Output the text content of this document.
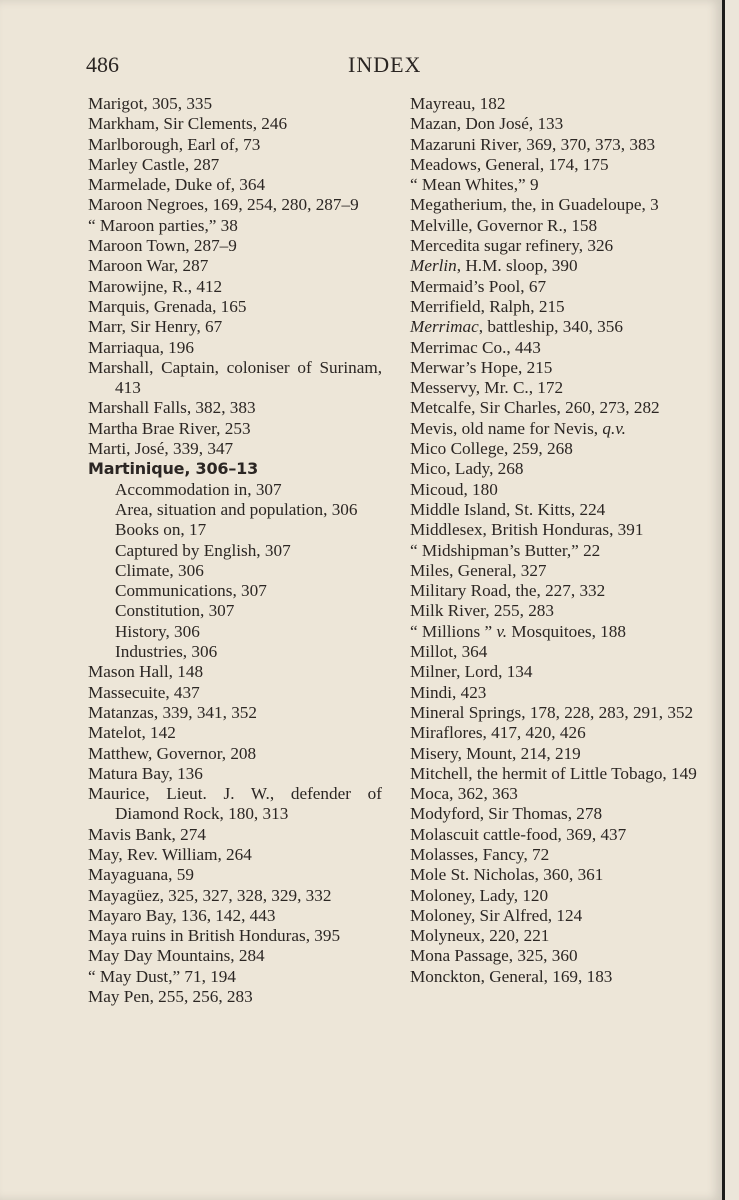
486	INDEX

Marigot, 305, 335

Markham, Sir Clements, 246

Marlborough, Earl of, 73

Marley Castle, 287

Marmelade, Duke of, 364

Maroon Negroes, 169, 254, 280, 287–9

“ Maroon parties,” 38

Maroon Town, 287–9

Maroon War, 287

Marowijne, R., 412

Marquis, Grenada, 165

Marr, Sir Henry, 67

Marriaqua, 196

Marshall, Captain, coloniser of Surinam, 413

Marshall Falls, 382, 383

Martha Brae River, 253

Marti, José, 339, 347

Martinique, 306–13

Accommodation in, 307

Area, situation and population, 306

Books on, 17

Captured by English, 307

Climate, 306

Communications, 307

Constitution, 307

History, 306

Industries, 306

Mason Hall, 148

Massecuite, 437

Matanzas, 339, 341, 352

Matelot, 142

Matthew, Governor, 208

Matura Bay, 136

Maurice, Lieut. J. W., defender of Diamond Rock, 180, 313

Mavis Bank, 274

May, Rev. William, 264

Mayaguana, 59

Mayagüez, 325, 327, 328, 329, 332

Mayaro Bay, 136, 142, 443

Maya ruins in British Honduras, 395

May Day Mountains, 284

“ May Dust,” 71, 194

May Pen, 255, 256, 283

Mayreau, 182

Mazan, Don José, 133

Mazaruni River, 369, 370, 373, 383

Meadows, General, 174, 175

“ Mean Whites,” 9

Megatherium, the, in Guadeloupe, 3

Melville, Governor R., 158

Mercedita sugar refinery, 326

Merlin, H.M. sloop, 390

Mermaid’s Pool, 67

Merrifield, Ralph, 215

Merrimac, battleship, 340, 356

Merrimac Co., 443

Merwar’s Hope, 215

Messervy, Mr. C., 172

Metcalfe, Sir Charles, 260, 273, 282

Mevis, old name for Nevis, q.v.

Mico College, 259, 268

Mico, Lady, 268

Micoud, 180

Middle Island, St. Kitts, 224

Middlesex, British Honduras, 391

“ Midshipman’s Butter,” 22

Miles, General, 327

Military Road, the, 227, 332

Milk River, 255, 283

“ Millions ” v. Mosquitoes, 188

Millot, 364

Milner, Lord, 134

Mindi, 423

Mineral Springs, 178, 228, 283, 291, 352

Miraflores, 417, 420, 426

Misery, Mount, 214, 219

Mitchell, the hermit of Little Tobago, 149

Moca, 362, 363

Modyford, Sir Thomas, 278

Molascuit cattle-food, 369, 437

Molasses, Fancy, 72

Mole St. Nicholas, 360, 361

Moloney, Lady, 120

Moloney, Sir Alfred, 124

Molyneux, 220, 221

Mona Passage, 325, 360

Monckton, General, 169, 183
